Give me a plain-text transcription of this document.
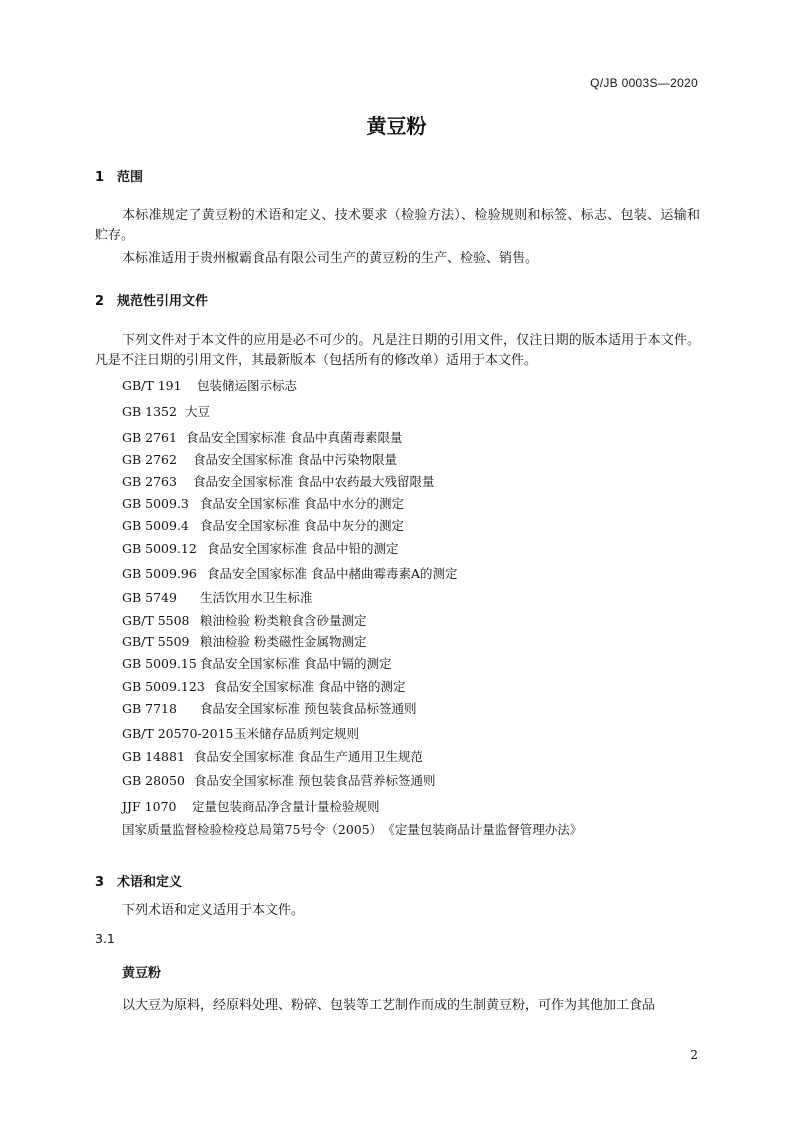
Q/JB 0003S—2020
黄豆粉
1 范围
本标准规定了黄豆粉的术语和定义、技术要求（检验方法）、检验规则和标签、标志、包装、运输和贮存。
本标准适用于贵州椒霸食品有限公司生产的黄豆粉的生产、检验、销售。
2 规范性引用文件
下列文件对于本文件的应用是必不可少的。凡是注日期的引用文件，仅注日期的版本适用于本文件。凡是不注日期的引用文件，其最新版本（包括所有的修改单）适用于本文件。
GB/T 191 包装储运图示标志
GB 1352 大豆
GB 2761 食品安全国家标准 食品中真菌毒素限量
GB 2762 食品安全国家标准 食品中污染物限量
GB 2763 食品安全国家标准 食品中农药最大残留限量
GB 5009.3 食品安全国家标准 食品中水分的测定
GB 5009.4 食品安全国家标准 食品中灰分的测定
GB 5009.12 食品安全国家标准 食品中铅的测定
GB 5009.96 食品安全国家标准 食品中赭曲霉毒素A的测定
GB 5749 生活饮用水卫生标准
GB/T 5508 粮油检验 粉类粮食含砂量测定
GB/T 5509 粮油检验 粉类磁性金属物测定
GB 5009.15 食品安全国家标准 食品中镉的测定
GB 5009.123 食品安全国家标准 食品中铬的测定
GB 7718 食品安全国家标准 预包装食品标签通则
GB/T 20570-2015玉米储存品质判定规则
GB 14881 食品安全国家标准 食品生产通用卫生规范
GB 28050 食品安全国家标准 预包装食品营养标签通则
JJF 1070 定量包装商品净含量计量检验规则
国家质量监督检验检疫总局第75号令（2005）《定量包装商品计量监督管理办法》
3 术语和定义
下列术语和定义适用于本文件。
3.1
黄豆粉
以大豆为原料，经原料处理、粉碎、包装等工艺制作而成的生制黄豆粉，可作为其他加工食品
2
